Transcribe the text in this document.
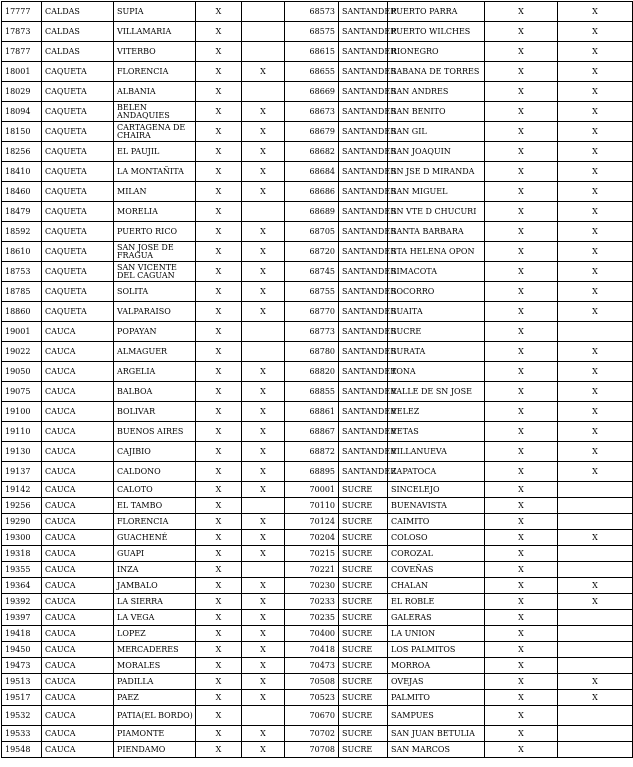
17777	CALDAS	SUPIA	X		68573	SANTANDER	PUERTO PARRA	X	X
17873	CALDAS	VILLAMARIA	X		68575	SANTANDER	PUERTO WILCHES	X	X
17877	CALDAS	VITERBO	X		68615	SANTANDER	RIONEGRO	X	X
18001	CAQUETA	FLORENCIA	X	X	68655	SANTANDER	SABANA DE TORRES	X	X
18029	CAQUETA	ALBANIA	X		68669	SANTANDER	SAN ANDRES	X	X
18094	CAQUETA	BELEN ANDAQUIES	X	X	68673	SANTANDER	SAN BENITO	X	X
18150	CAQUETA	CARTAGENA DE CHAIRA	X	X	68679	SANTANDER	SAN GIL	X	X
18256	CAQUETA	EL PAUJIL	X	X	68682	SANTANDER	SAN JOAQUIN	X	X
18410	CAQUETA	LA MONTAÑITA	X	X	68684	SANTANDER	SN JSE D MIRANDA	X	X
18460	CAQUETA	MILAN	X	X	68686	SANTANDER	SAN MIGUEL	X	X
18479	CAQUETA	MORELIA	X		68689	SANTANDER	SN VTE D CHUCURI	X	X
18592	CAQUETA	PUERTO RICO	X	X	68705	SANTANDER	SANTA BARBARA	X	X
18610	CAQUETA	SAN JOSE DE FRAGUA	X	X	68720	SANTANDER	STA HELENA OPON	X	X
18753	CAQUETA	SAN VICENTE DEL CAGUAN	X	X	68745	SANTANDER	SIMACOTA	X	X
18785	CAQUETA	SOLITA	X	X	68755	SANTANDER	SOCORRO	X	X
18860	CAQUETA	VALPARAISO	X	X	68770	SANTANDER	SUAITA	X	X
19001	CAUCA	POPAYAN	X		68773	SANTANDER	SUCRE	X	
19022	CAUCA	ALMAGUER	X		68780	SANTANDER	SURATA	X	X
19050	CAUCA	ARGELIA	X	X	68820	SANTANDER	TONA	X	X
19075	CAUCA	BALBOA	X	X	68855	SANTANDER	VALLE DE SN JOSE	X	X
19100	CAUCA	BOLIVAR	X	X	68861	SANTANDER	VELEZ	X	X
19110	CAUCA	BUENOS AIRES	X	X	68867	SANTANDER	VETAS	X	X
19130	CAUCA	CAJIBIO	X	X	68872	SANTANDER	VILLANUEVA	X	X
19137	CAUCA	CALDONO	X	X	68895	SANTANDER	ZAPATOCA	X	X
19142	CAUCA	CALOTO	X	X	70001	SUCRE	SINCELEJO	X	
19256	CAUCA	EL TAMBO	X		70110	SUCRE	BUENAVISTA	X	
19290	CAUCA	FLORENCIA	X	X	70124	SUCRE	CAIMITO	X	
19300	CAUCA	GUACHENÉ	X	X	70204	SUCRE	COLOSO	X	X
19318	CAUCA	GUAPI	X	X	70215	SUCRE	COROZAL	X	
19355	CAUCA	INZA	X		70221	SUCRE	COVEÑAS	X	
19364	CAUCA	JAMBALO	X	X	70230	SUCRE	CHALAN	X	X
19392	CAUCA	LA SIERRA	X	X	70233	SUCRE	EL ROBLE	X	X
19397	CAUCA	LA VEGA	X	X	70235	SUCRE	GALERAS	X	
19418	CAUCA	LOPEZ	X	X	70400	SUCRE	LA UNION	X	
19450	CAUCA	MERCADERES	X	X	70418	SUCRE	LOS PALMITOS	X	
19473	CAUCA	MORALES	X	X	70473	SUCRE	MORROA	X	
19513	CAUCA	PADILLA	X	X	70508	SUCRE	OVEJAS	X	X
19517	CAUCA	PAEZ	X	X	70523	SUCRE	PALMITO	X	X
19532	CAUCA	PATIA(EL BORDO)	X		70670	SUCRE	SAMPUES	X	
19533	CAUCA	PIAMONTE	X	X	70702	SUCRE	SAN JUAN BETULIA	X	
19548	CAUCA	PIENDAMO	X	X	70708	SUCRE	SAN MARCOS	X	
